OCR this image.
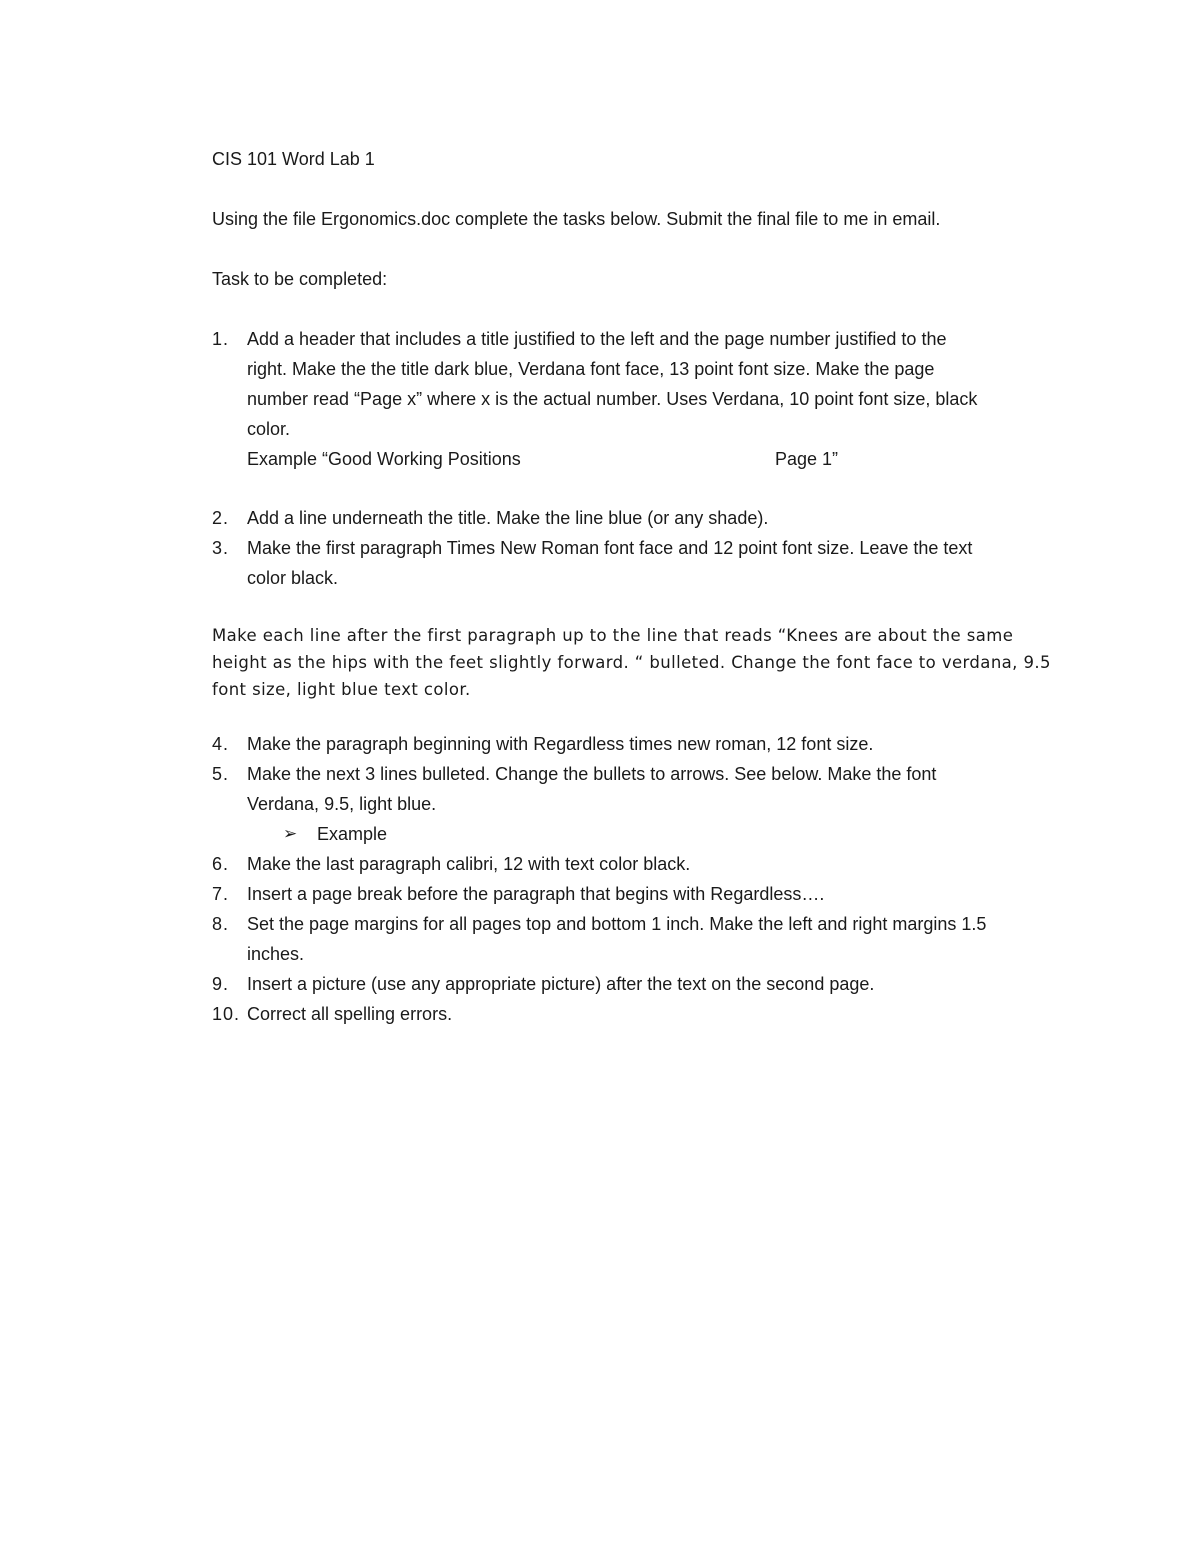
CIS 101 Word Lab 1
Using the file Ergonomics.doc complete the tasks below. Submit the final file to me in email.
Task to be completed:
1. Add a header that includes a title justified to the left and the page number justified to the
right. Make the the title dark blue, Verdana font face, 13 point font size. Make the page
number read “Page x” where x is the actual number. Uses Verdana, 10 point font size, black
color.
Example “Good Working Positions	Page 1”
2. Add a line underneath the title. Make the line blue (or any shade).
3. Make the first paragraph Times New Roman font face and 12 point font size. Leave the text
color black.

Make each line after the first paragraph up to the line that reads “Knees are about the same height as the hips with the feet slightly forward. “ bulleted. Change the font face to verdana, 9.5 font size, light blue text color.

4. Make the paragraph beginning with Regardless times new roman, 12 font size.
5. Make the next 3 lines bulleted. Change the bullets to arrows. See below. Make the font
Verdana, 9.5, light blue.
➢	Example
6. Make the last paragraph calibri, 12 with text color black.
7. Insert a page break before the paragraph that begins with Regardless….
8. Set the page margins for all pages top and bottom 1 inch. Make the left and right margins 1.5
inches.
9. Insert a picture (use any appropriate picture) after the text on the second page.
10. Correct all spelling errors.
